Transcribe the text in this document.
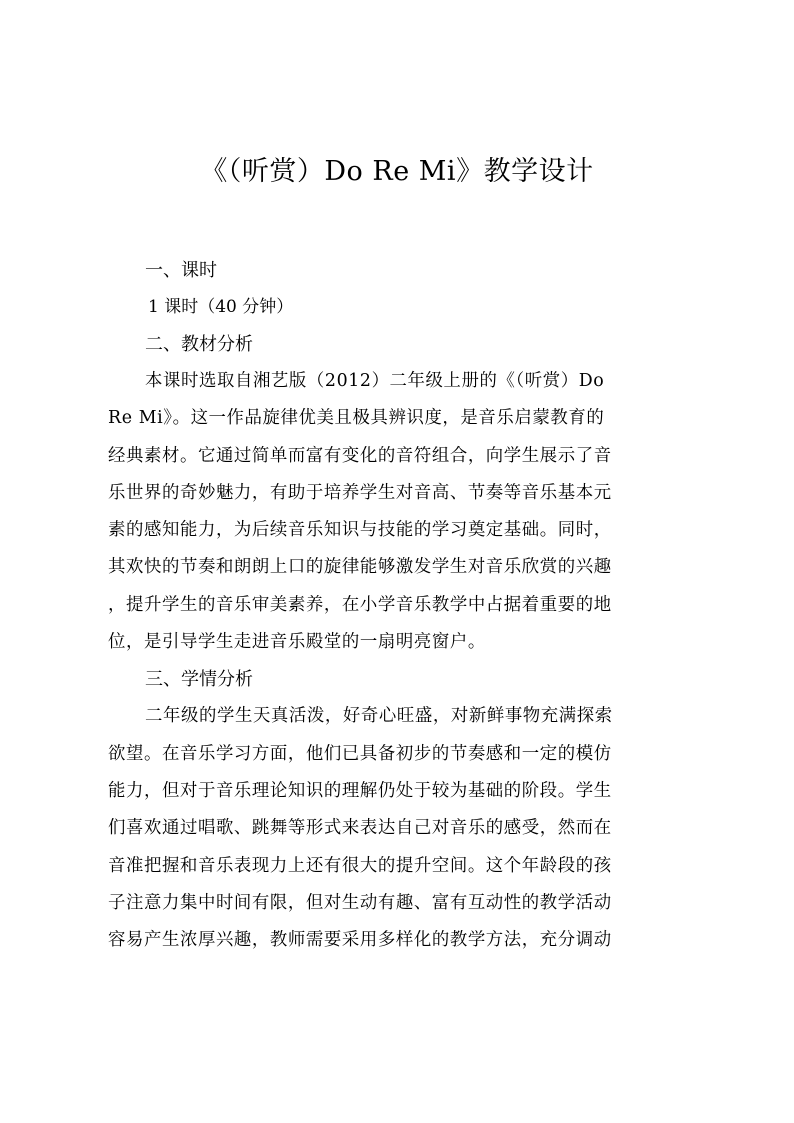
《（听赏）Do Re Mi》教学设计
一、课时
1 课时（40 分钟）
二、教材分析
本课时选取自湘艺版（2012）二年级上册的《（听赏）Do
Re Mi》。这一作品旋律优美且极具辨识度，是音乐启蒙教育的
经典素材。它通过简单而富有变化的音符组合，向学生展示了音
乐世界的奇妙魅力，有助于培养学生对音高、节奏等音乐基本元
素的感知能力，为后续音乐知识与技能的学习奠定基础。同时，
其欢快的节奏和朗朗上口的旋律能够激发学生对音乐欣赏的兴趣
，提升学生的音乐审美素养，在小学音乐教学中占据着重要的地
位，是引导学生走进音乐殿堂的一扇明亮窗户。
三、学情分析
二年级的学生天真活泼，好奇心旺盛，对新鲜事物充满探索
欲望。在音乐学习方面，他们已具备初步的节奏感和一定的模仿
能力，但对于音乐理论知识的理解仍处于较为基础的阶段。学生
们喜欢通过唱歌、跳舞等形式来表达自己对音乐的感受，然而在
音准把握和音乐表现力上还有很大的提升空间。这个年龄段的孩
子注意力集中时间有限，但对生动有趣、富有互动性的教学活动
容易产生浓厚兴趣，教师需要采用多样化的教学方法，充分调动
